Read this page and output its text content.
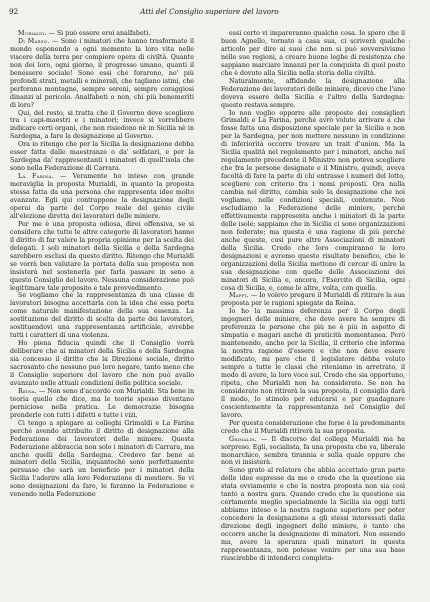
92	Atti del Consiglio superiore del lavoro

Murialdi. — Si può essere eroi analfabeti.

Di Marzo. — Sono i minatori che hanno trasformato il mondo esponendo a ogni momento la loro vita nelle viscere della terra per compiere opera di civiltà. Quante non dei loro, ogni giorno, il progresso umano, quanti il benessere sociale! Sono essi che forarono, ne' più profondi strati, metalli e minerali, che tagliano istmi, che perforano montagne, sempre sereni, sempre coraggiosi dinanzi al pericolo. Analfabeti o non, chi più benemeriti di loro?

Qui, del resto, si tratta che il Governo deve scegliere tra i capi-maestri e i minatori; invece si vorrebbero indicare certi organi, che non risiedono nè in Sicilia nè in Sardegna, a fare la designazione al Governo.

Ora io ritengo che per la Sicilia la designazione debba esser fatta dalle maestranze o da' solfatari, e per la Sardegna da' rappresentanti i minatori di quell'isola che sono nella Federazione di Carrara.

La Farina. — Veramente ho inteso con grande meraviglia la proposta Murialdi, in quanto la proposta stessa fatta da una persona che rappresenta idee molto avanzate. Egli qui contrappone la designazione degli operai da parte del Corpo reale del genio civile all'elezione diretta dei lavoratori delle miniere.

Per me è una proposta odiosa, direi offensiva, se si considera che tutte le altre categorie di lavoratori hanno il diritto di far valere la propria opinione per la scelta dei delegati. I soli minatori della Sicilia e della Sardegna sarebbero esclusi da questo diritto. Ritengo che Murialdi se vorrà ben valutare la portata della sua proposta non insisterà nel sostenerla per farla passare in seno a questo Consiglio del lavoro. Nessuna considerazione può legittimare tale proposito e tale provvedimento.

Se vogliamo che la rappresentanza di una classe di lavoratori bisogna accettarla con la idea che essa porta come naturale manifestazione della sua essenza. La sostituzione del diritto di scelta da parte dei lavoratori, sostituendovi una rappresentanza artificiale, avrebbe tutti i caratteri di una violenza.

Ho piena fiducia quindi che il Consiglio vorrà deliberare che ai minatori della Sicilia e della Sardegna sia concesso il diritto che la Direzione sociale, diritto sacrosanto che nessuno può loro negare, tanto meno che il Consiglio superiore del lavoro che non può avallo avanzato nelle attuali condizioni della politica sociale.

Reina. — Non sono d'accordo con Murialdi. Sta bene in teoria quello che dice, ma le teorie spesso diventano perniciose nella pratica. Le democrazie bisogna prenderle con tutti i difetti e tutte i vizi.

Ci tengo a spiegare ai colleghi Grimaldi e La Farina perché avendo attribuito il diritto di designazione alla Federazione dei lavoratori delle miniere. Questa Federazione abbraccia non solo i minatori di Carrara, ma anche quelli della Sardegna. Credevo far bene ai minatori della Sicilia, inquantochè sono perfettamente persuaso che sarà un beneficio per i minatori della Sicilia l'aderire alla loro Federazione di mestiere. Se vi sono designazioni da fare, le faranno la Federazione e venendo nella Federazione

essi certo vi impareranno qualche cosa. Io spero che il buon Agnello, tornato a casa sua, ci scriverà qualche articolo per dire ai suoi che non si può sovversivismo nelle sue regioni, a creare buone leghe di resistenza che sappiano marciare innanzi per la conquista di quel posto che è dovuto alla Sicilia nella storia della civiltà.

Naturalmente, affidando la designazione alla Federazione dei lavoratori delle miniere, dicevo che l'uno doveva essere della Sicilia e l'altro della Sardegna: questo restava sempre.

Io non voglio opporre alle proposte dei consiglieri Grimaldi e La Farina, perché avrò voluto arrivare a che fosse fatta una disposizione speciale per la Sicilia e non per la Sardegna, per non mettere nessuno in condizione di inferiorità occorre trovare un trait d'union. Ma la Sicilia qualità nel regolamento per i minatori, anche nel regolamento precedente il Ministro non poteva scegliere che fra le persone designate e il Ministro, quindi, aveva facoltà di fare la parte di chi entrasse i numeri del lotto, scegliere con criterio fra i nomi proposti. Ora nulla cambia nel diritto, cambia solo la designazione che noi vogliamo, nelle condizioni speciali, contenute. Non escludiamo la Federazione delle miniere, perché effettivamente rappresenta anche i minatori di la parte delle isole; sappiamo che in Sicilia ci sono organizzazioni non federate; ma questa è una ragione di più perché anche queste, così pure altre Associazioni di minatori della Sicilia. Credo che loro compiranno le loro designazioni e avremo questo risultato benefico, che le organizzazioni della Sicilia mettono di cercar di unire la sua designazione con quelle delle Associazioni dei minatori di Sicilia e, ancora, l'Esercito di Sicilia, ogni cosa di Sicilia, e, come le altre, volta, con quella.

Maffi. — Io volevo pregare il Murialdi di ritirare la sua proposta per le ragioni spiegate da Reina.

Io ho la massima deferenza per il Corpo degli ingegneri delle miniere, che deve avere ha sempre di preferenza le persone che più ne è più in aspetto di simpatia e magari anche di praticità momentanea. Però mantenendo, anche per la Sicilia, il criterio che informa la nostra ragione d'essere e che non deve essere modificato, mi pare che il legislatore debba voluto sempre a tutte le classi che riteniamo in arretrato, il modo di avere, la loro voce sul. Credo che sia opportuno, ripeta, che Murialdi non ha considerato. Se non ha considerato non ritirerà la sua proposta, il consiglio darà il modo, lo stimolo per educarsi e per guadagnare coscientemente la rappresentanza nel Consiglio del lavoro.

Per questa considerazione che forse è la predominante credo che il Murialdi ritirerà la sua proposta.

Grimaldi. — Il discorso del collega Murialdi ma ha sorpreso. Egli, socialista, fa una proposta che va, liberale monarchico, sembra tirannia e sulla quale oppure che non vi insisterà.

Sono grato al relatore che abbia accettato gran parte delle idee espresse da me e credo che la questione sia stata ovviamente e che la nostra proposta non sia così tanto a nostra gara. Quando credo che la questione sia certamente meglio specialmente la Sicilia sia oggi tutti abbiamo inteso e la nostra ragione superiore per poter concedere la designazione a gli stessi interessati dalla direzione degli ingegneri delle miniere, è tanto che occorre anche la designazione di minatori. Non essendo ma, avere la speranza quali minatori in questa rappresentanza, non potesse venire per una sua base riuscirebbe di intenderci completa-
